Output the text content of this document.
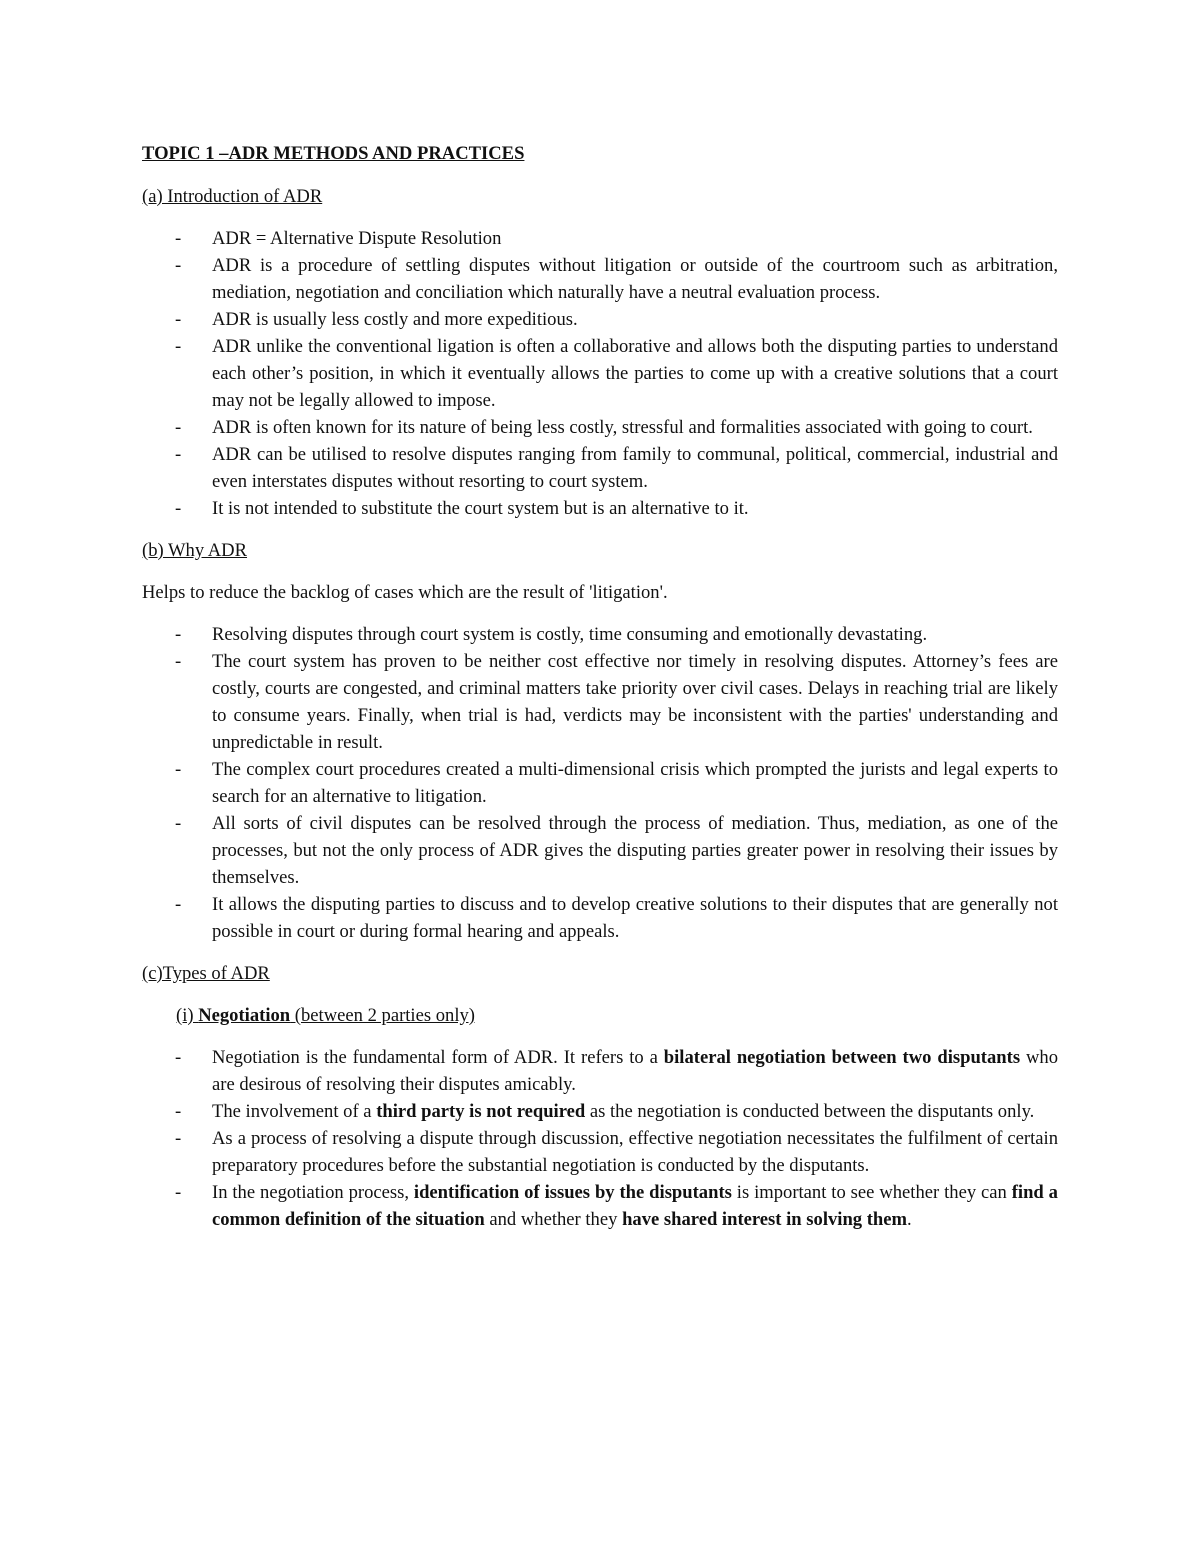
TOPIC 1 –ADR METHODS AND PRACTICES

(a) Introduction of ADR

- ADR = Alternative Dispute Resolution
- ADR is a procedure of settling disputes without litigation or outside of the courtroom such as arbitration, mediation, negotiation and conciliation which naturally have a neutral evaluation process.
- ADR is usually less costly and more expeditious.
- ADR unlike the conventional ligation is often a collaborative and allows both the disputing parties to understand each other’s position, in which it eventually allows the parties to come up with a creative solutions that a court may not be legally allowed to impose.
- ADR is often known for its nature of being less costly, stressful and formalities associated with going to court.
- ADR can be utilised to resolve disputes ranging from family to communal, political, commercial, industrial and even interstates disputes without resorting to court system.
- It is not intended to substitute the court system but is an alternative to it.

(b) Why ADR

Helps to reduce the backlog of cases which are the result of 'litigation'.

- Resolving disputes through court system is costly, time consuming and emotionally devastating.
- The court system has proven to be neither cost effective nor timely in resolving disputes. Attorney’s fees are costly, courts are congested, and criminal matters take priority over civil cases. Delays in reaching trial are likely to consume years. Finally, when trial is had, verdicts may be inconsistent with the parties' understanding and unpredictable in result.
- The complex court procedures created a multi-dimensional crisis which prompted the jurists and legal experts to search for an alternative to litigation.
- All sorts of civil disputes can be resolved through the process of mediation. Thus, mediation, as one of the processes, but not the only process of ADR gives the disputing parties greater power in resolving their issues by themselves.
- It allows the disputing parties to discuss and to develop creative solutions to their disputes that are generally not possible in court or during formal hearing and appeals.

(c)Types of ADR

(i) Negotiation (between 2 parties only)

- Negotiation is the fundamental form of ADR. It refers to a bilateral negotiation between two disputants who are desirous of resolving their disputes amicably.
- The involvement of a third party is not required as the negotiation is conducted between the disputants only.
- As a process of resolving a dispute through discussion, effective negotiation necessitates the fulfilment of certain preparatory procedures before the substantial negotiation is conducted by the disputants.
- In the negotiation process, identification of issues by the disputants is important to see whether they can find a common definition of the situation and whether they have shared interest in solving them.
